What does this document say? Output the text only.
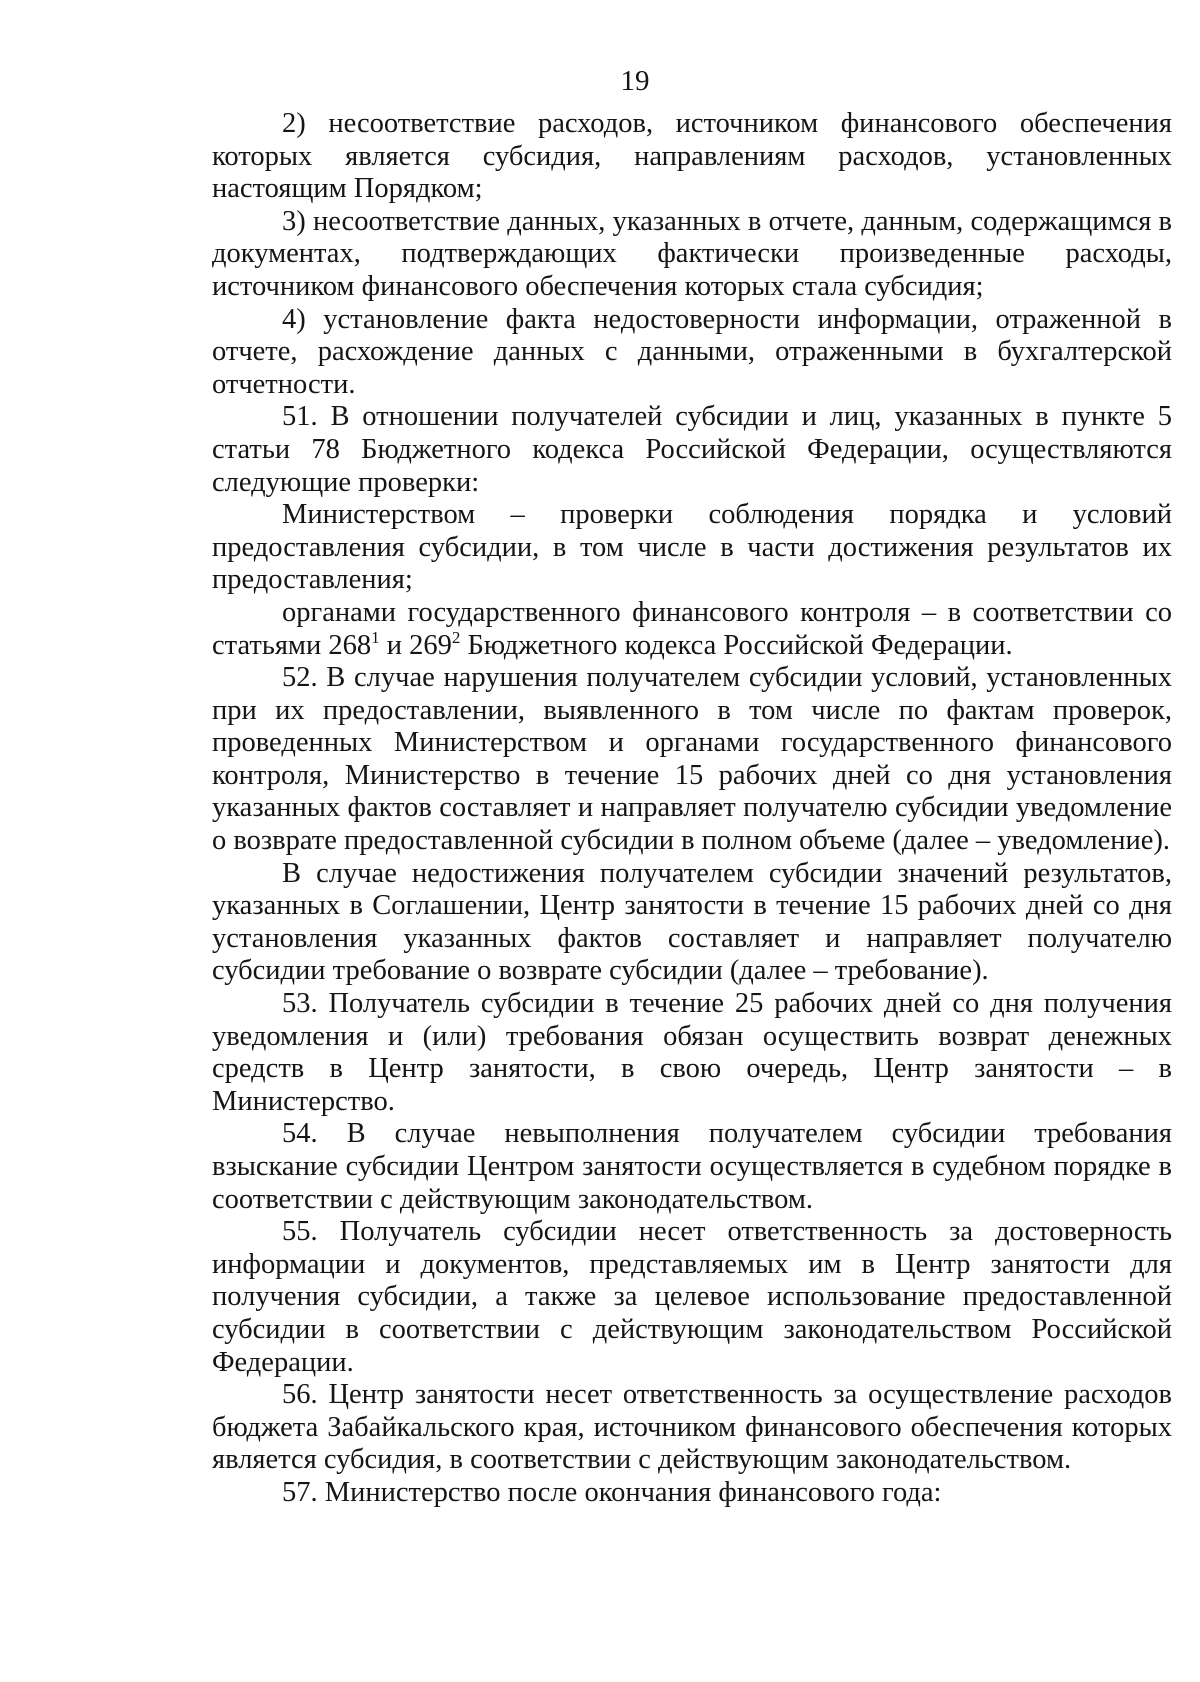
19

2) несоответствие расходов, источником финансового обеспечения которых является субсидия, направлениям расходов, установленных настоящим Порядком;

3) несоответствие данных, указанных в отчете, данным, содержащимся в документах, подтверждающих фактически произведенные расходы, источником финансового обеспечения которых стала субсидия;

4) установление факта недостоверности информации, отраженной в отчете, расхождение данных с данными, отраженными в бухгалтерской отчетности.

51. В отношении получателей субсидии и лиц, указанных в пункте 5 статьи 78 Бюджетного кодекса Российской Федерации, осуществляются следующие проверки:

Министерством – проверки соблюдения порядка и условий предоставления субсидии, в том числе в части достижения результатов их предоставления;

органами государственного финансового контроля – в соответствии со статьями $268^1$ и $269^2$ Бюджетного кодекса Российской Федерации.

52. В случае нарушения получателем субсидии условий, установленных при их предоставлении, выявленного в том числе по фактам проверок, проведенных Министерством и органами государственного финансового контроля, Министерство в течение 15 рабочих дней со дня установления указанных фактов составляет и направляет получателю субсидии уведомление о возврате предоставленной субсидии в полном объеме (далее – уведомление).

В случае недостижения получателем субсидии значений результатов, указанных в Соглашении, Центр занятости в течение 15 рабочих дней со дня установления указанных фактов составляет и направляет получателю субсидии требование о возврате субсидии (далее – требование).

53. Получатель субсидии в течение 25 рабочих дней со дня получения уведомления и (или) требования обязан осуществить возврат денежных средств в Центр занятости, в свою очередь, Центр занятости – в Министерство.

54. В случае невыполнения получателем субсидии требования взыскание субсидии Центром занятости осуществляется в судебном порядке в соответствии с действующим законодательством.

55. Получатель субсидии несет ответственность за достоверность информации и документов, представляемых им в Центр занятости для получения субсидии, а также за целевое использование предоставленной субсидии в соответствии с действующим законодательством Российской Федерации.

56. Центр занятости несет ответственность за осуществление расходов бюджета Забайкальского края, источником финансового обеспечения которых является субсидия, в соответствии с действующим законодательством.

57. Министерство после окончания финансового года:
